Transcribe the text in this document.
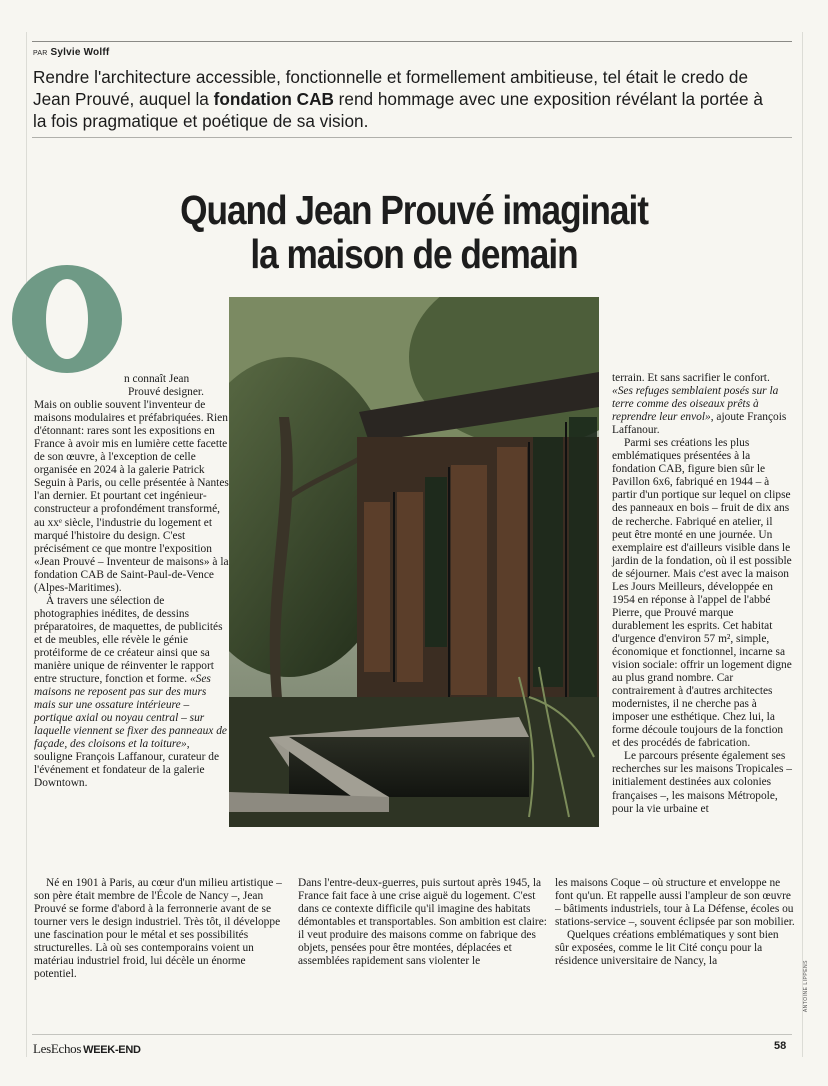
PAR Sylvie Wolff
Rendre l'architecture accessible, fonctionnelle et formellement ambitieuse, tel était le credo de Jean Prouvé, auquel la fondation CAB rend hommage avec une exposition révélant la portée à la fois pragmatique et poétique de sa vision.
Quand Jean Prouvé imaginait
la maison de demain
n connaît Jean
Prouvé designer.

Mais on oublie souvent l'inventeur de maisons modulaires et préfabriquées. Rien d'étonnant: rares sont les expositions en France à avoir mis en lumière cette facette de son œuvre, à l'exception de celle organisée en 2024 à la galerie Patrick Seguin à Paris, ou celle présentée à Nantes l'an dernier. Et pourtant cet ingénieur-constructeur a profondément transformé, au xxᵉ siècle, l'industrie du logement et marqué l'histoire du design. C'est précisément ce que montre l'exposition «Jean Prouvé – Inventeur de maisons» à la fondation CAB de Saint-Paul-de-Vence (Alpes-Maritimes).

À travers une sélection de photographies inédites, de dessins préparatoires, de maquettes, de publicités et de meubles, elle révèle le génie protéiforme de ce créateur ainsi que sa manière unique de réinventer le rapport entre structure, fonction et forme. «Ses maisons ne reposent pas sur des murs mais sur une ossature intérieure – portique axial ou noyau central – sur laquelle viennent se fixer des panneaux de façade, des cloisons et la toiture», souligne François Laffanour, curateur de l'événement et fondateur de la galerie Downtown.

terrain. Et sans sacrifier le confort. «Ses refuges semblaient posés sur la terre comme des oiseaux prêts à reprendre leur envol», ajoute François Laffanour.

Parmi ses créations les plus emblématiques présentées à la fondation CAB, figure bien sûr le Pavillon 6x6, fabriqué en 1944 – à partir d'un portique sur lequel on clipse des panneaux en bois – fruit de dix ans de recherche. Fabriqué en atelier, il peut être monté en une journée. Un exemplaire est d'ailleurs visible dans le jardin de la fondation, où il est possible de séjourner. Mais c'est avec la maison Les Jours Meilleurs, développée en 1954 en réponse à l'appel de l'abbé Pierre, que Prouvé marque durablement les esprits. Cet habitat d'urgence d'environ 57 m², simple, économique et fonctionnel, incarne sa vision sociale: offrir un logement digne au plus grand nombre. Car contrairement à d'autres architectes modernistes, il ne cherche pas à imposer une esthétique. Chez lui, la forme découle toujours de la fonction et des procédés de fabrication.

Le parcours présente également ses recherches sur les maisons Tropicales – initialement destinées aux colonies françaises –, les maisons Métropole, pour la vie urbaine et

Né en 1901 à Paris, au cœur d'un milieu artistique – son père était membre de l'École de Nancy –, Jean Prouvé se forme d'abord à la ferronnerie avant de se tourner vers le design industriel. Très tôt, il développe une fascination pour le métal et ses possibilités structurelles. Là où ses contemporains voient un matériau industriel froid, lui décèle un énorme potentiel.

Dans l'entre-deux-guerres, puis surtout après 1945, la France fait face à une crise aiguë du logement. C'est dans ce contexte difficile qu'il imagine des habitats démontables et transportables. Son ambition est claire: il veut produire des maisons comme on fabrique des objets, pensées pour être montées, déplacées et assemblées rapidement sans violenter le

les maisons Coque – où structure et enveloppe ne font qu'un. Et rappelle aussi l'ampleur de son œuvre – bâtiments industriels, tour à La Défense, écoles ou stations-service –, souvent éclipsée par son mobilier.

Quelques créations emblématiques y sont bien sûr exposées, comme le lit Cité conçu pour la résidence universitaire de Nancy, la	ANTOINE LIPPENS
LesEchos WEEK-END	58
